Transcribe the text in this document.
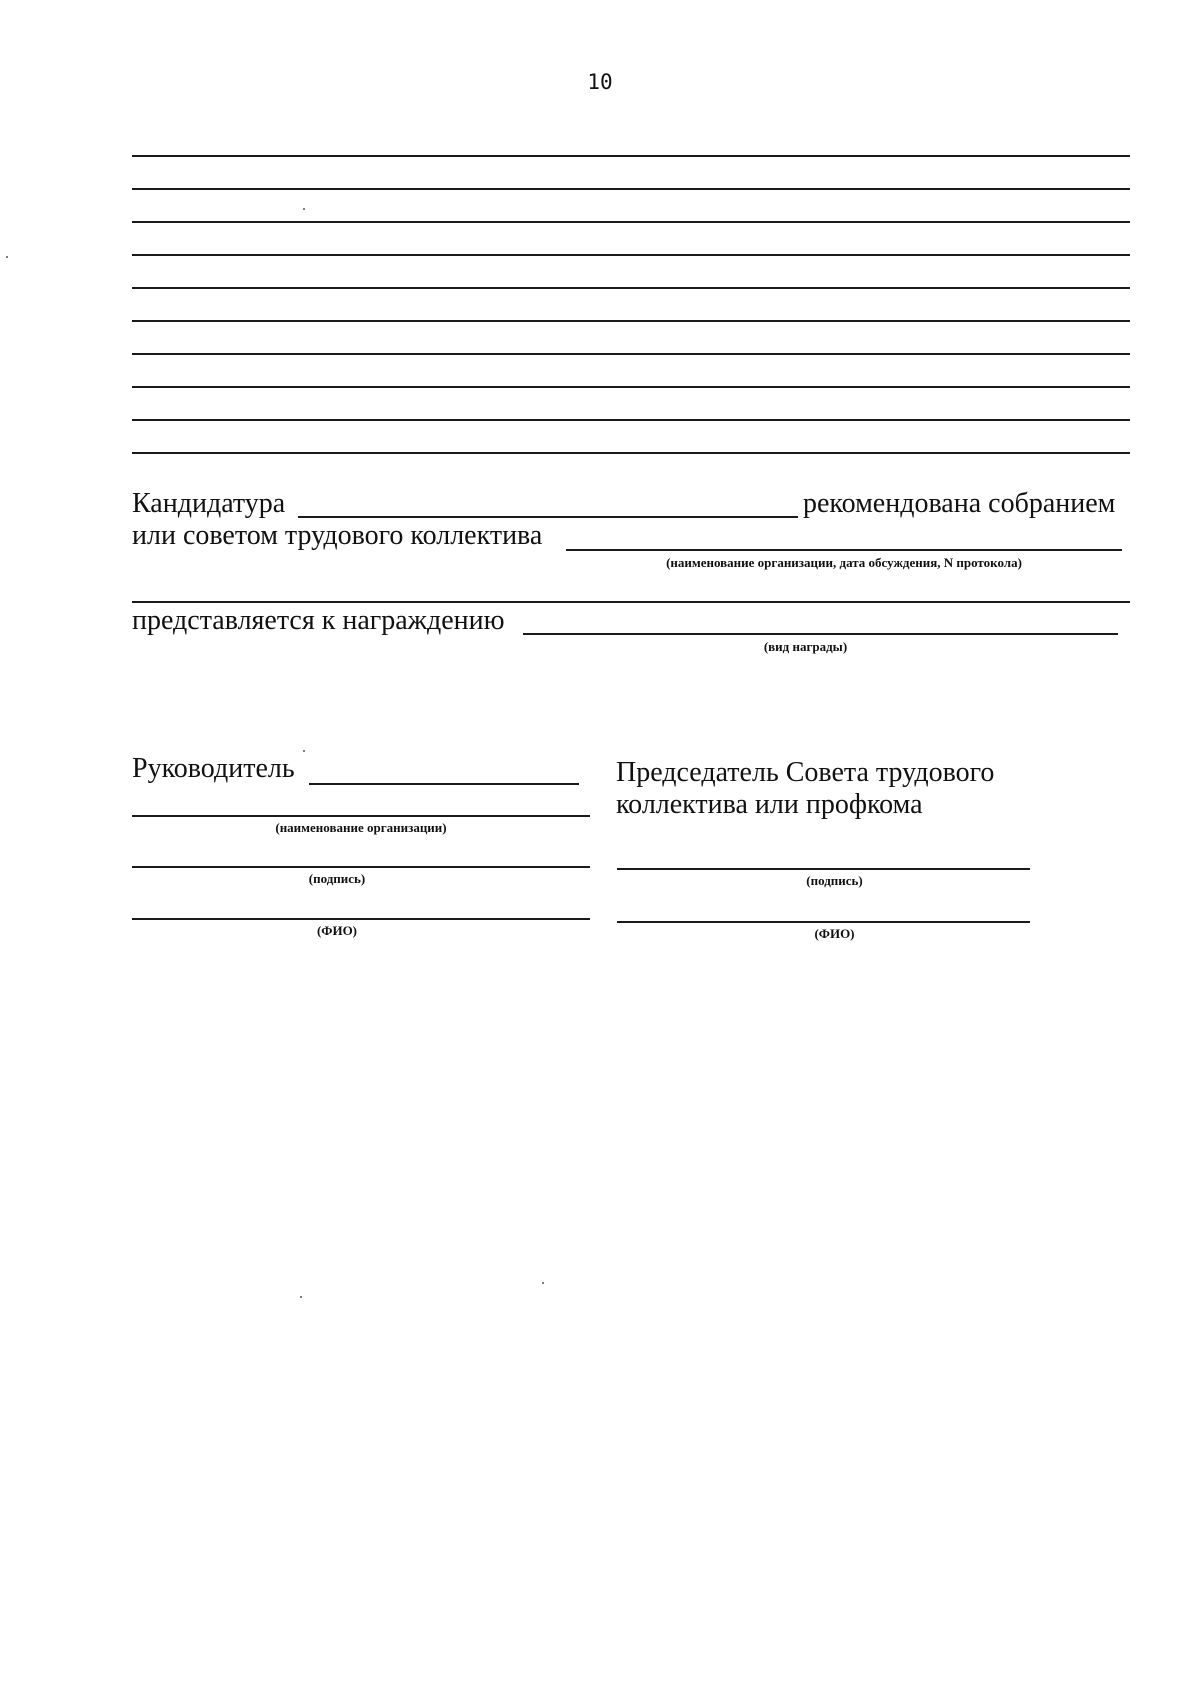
10
Кандидатура	рекомендована собранием
или советом трудового коллектива
(наименование организации, дата обсуждения, N протокола)
представляется к награждению
(вид награды)
Руководитель
(наименование организации)
(подпись)
(ФИО)
Председатель Совета трудового
коллектива или профкома
(подпись)
(ФИО)
